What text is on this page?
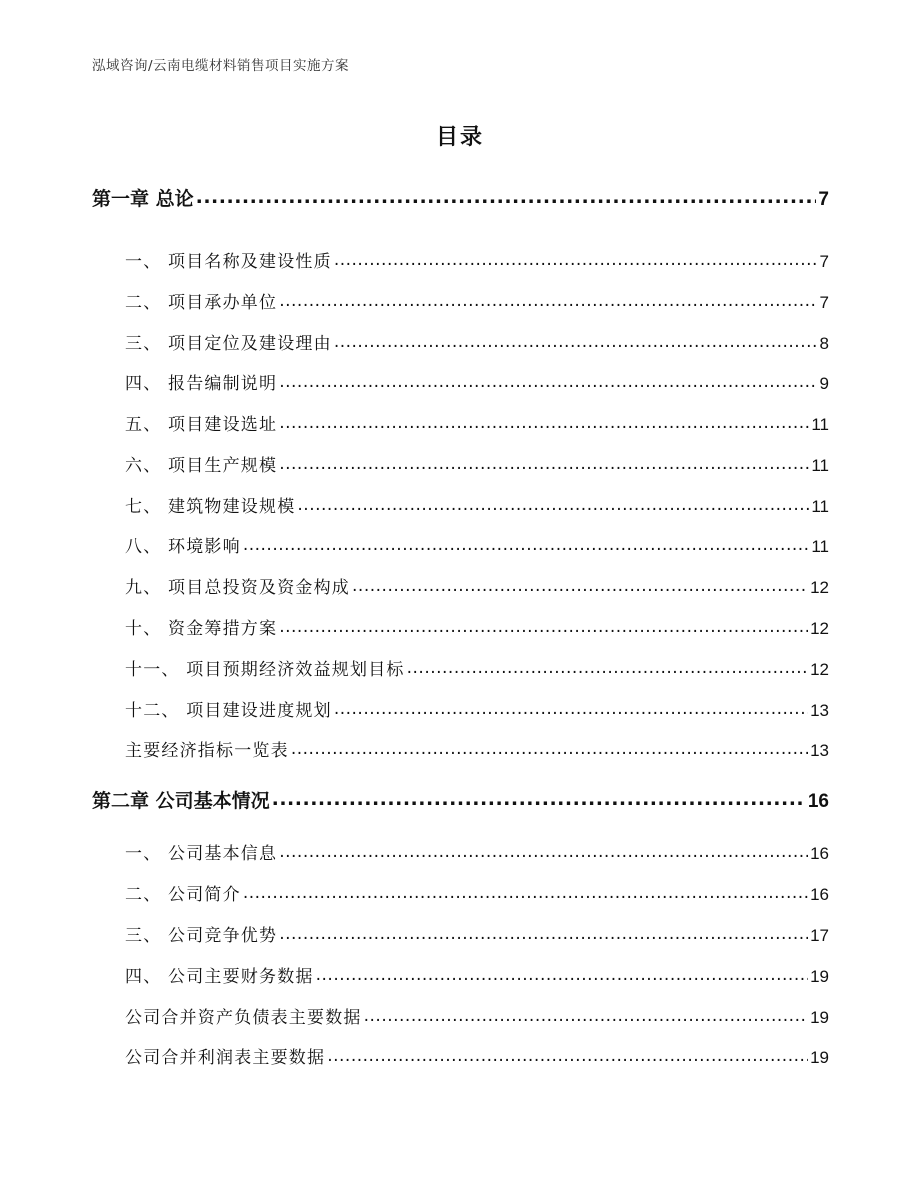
泓域咨询/云南电缆材料销售项目实施方案
目录
第一章 总论 .....	7
一、 项目名称及建设性质 .....	7
二、 项目承办单位 .....	7
三、 项目定位及建设理由 .....	8
四、 报告编制说明 .....	9
五、 项目建设选址 .....	11
六、 项目生产规模 .....	11
七、 建筑物建设规模 .....	11
八、 环境影响 .....	11
九、 项目总投资及资金构成 .....	12
十、 资金筹措方案 .....	12
十一、 项目预期经济效益规划目标 .....	12
十二、 项目建设进度规划 .....	13
主要经济指标一览表 .....	13
第二章 公司基本情况 .....	16
一、 公司基本信息 .....	16
二、 公司简介 .....	16
三、 公司竞争优势 .....	17
四、 公司主要财务数据 .....	19
公司合并资产负债表主要数据 .....	19
公司合并利润表主要数据 .....	19
